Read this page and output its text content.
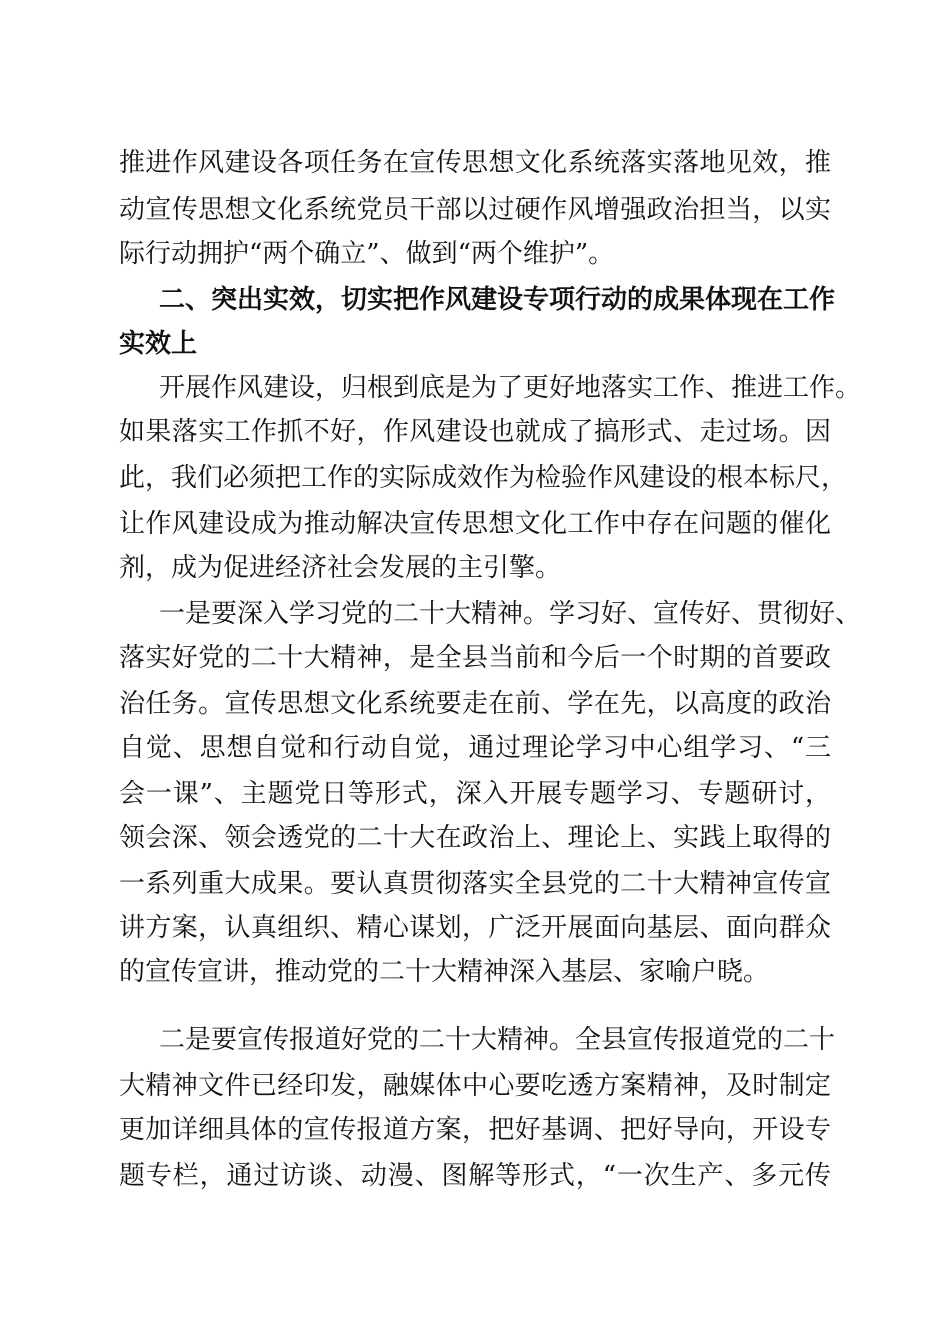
推进作风建设各项任务在宣传思想文化系统落实落地见效，推
动宣传思想文化系统党员干部以过硬作风增强政治担当，以实
际行动拥护“两个确立”、做到“两个维护”。
二、突出实效，切实把作风建设专项行动的成果体现在工作
实效上
开展作风建设，归根到底是为了更好地落实工作、推进工作。
如果落实工作抓不好，作风建设也就成了搞形式、走过场。因
此，我们必须把工作的实际成效作为检验作风建设的根本标尺，
让作风建设成为推动解决宣传思想文化工作中存在问题的催化
剂，成为促进经济社会发展的主引擎。
一是要深入学习党的二十大精神。学习好、宣传好、贯彻好、
落实好党的二十大精神，是全县当前和今后一个时期的首要政
治任务。宣传思想文化系统要走在前、学在先，以高度的政治
自觉、思想自觉和行动自觉，通过理论学习中心组学习、“三
会一课”、主题党日等形式，深入开展专题学习、专题研讨，
领会深、领会透党的二十大在政治上、理论上、实践上取得的
一系列重大成果。要认真贯彻落实全县党的二十大精神宣传宣
讲方案，认真组织、精心谋划，广泛开展面向基层、面向群众
的宣传宣讲，推动党的二十大精神深入基层、家喻户晓。
二是要宣传报道好党的二十大精神。全县宣传报道党的二十
大精神文件已经印发，融媒体中心要吃透方案精神，及时制定
更加详细具体的宣传报道方案，把好基调、把好导向，开设专
题专栏，通过访谈、动漫、图解等形式，“一次生产、多元传
